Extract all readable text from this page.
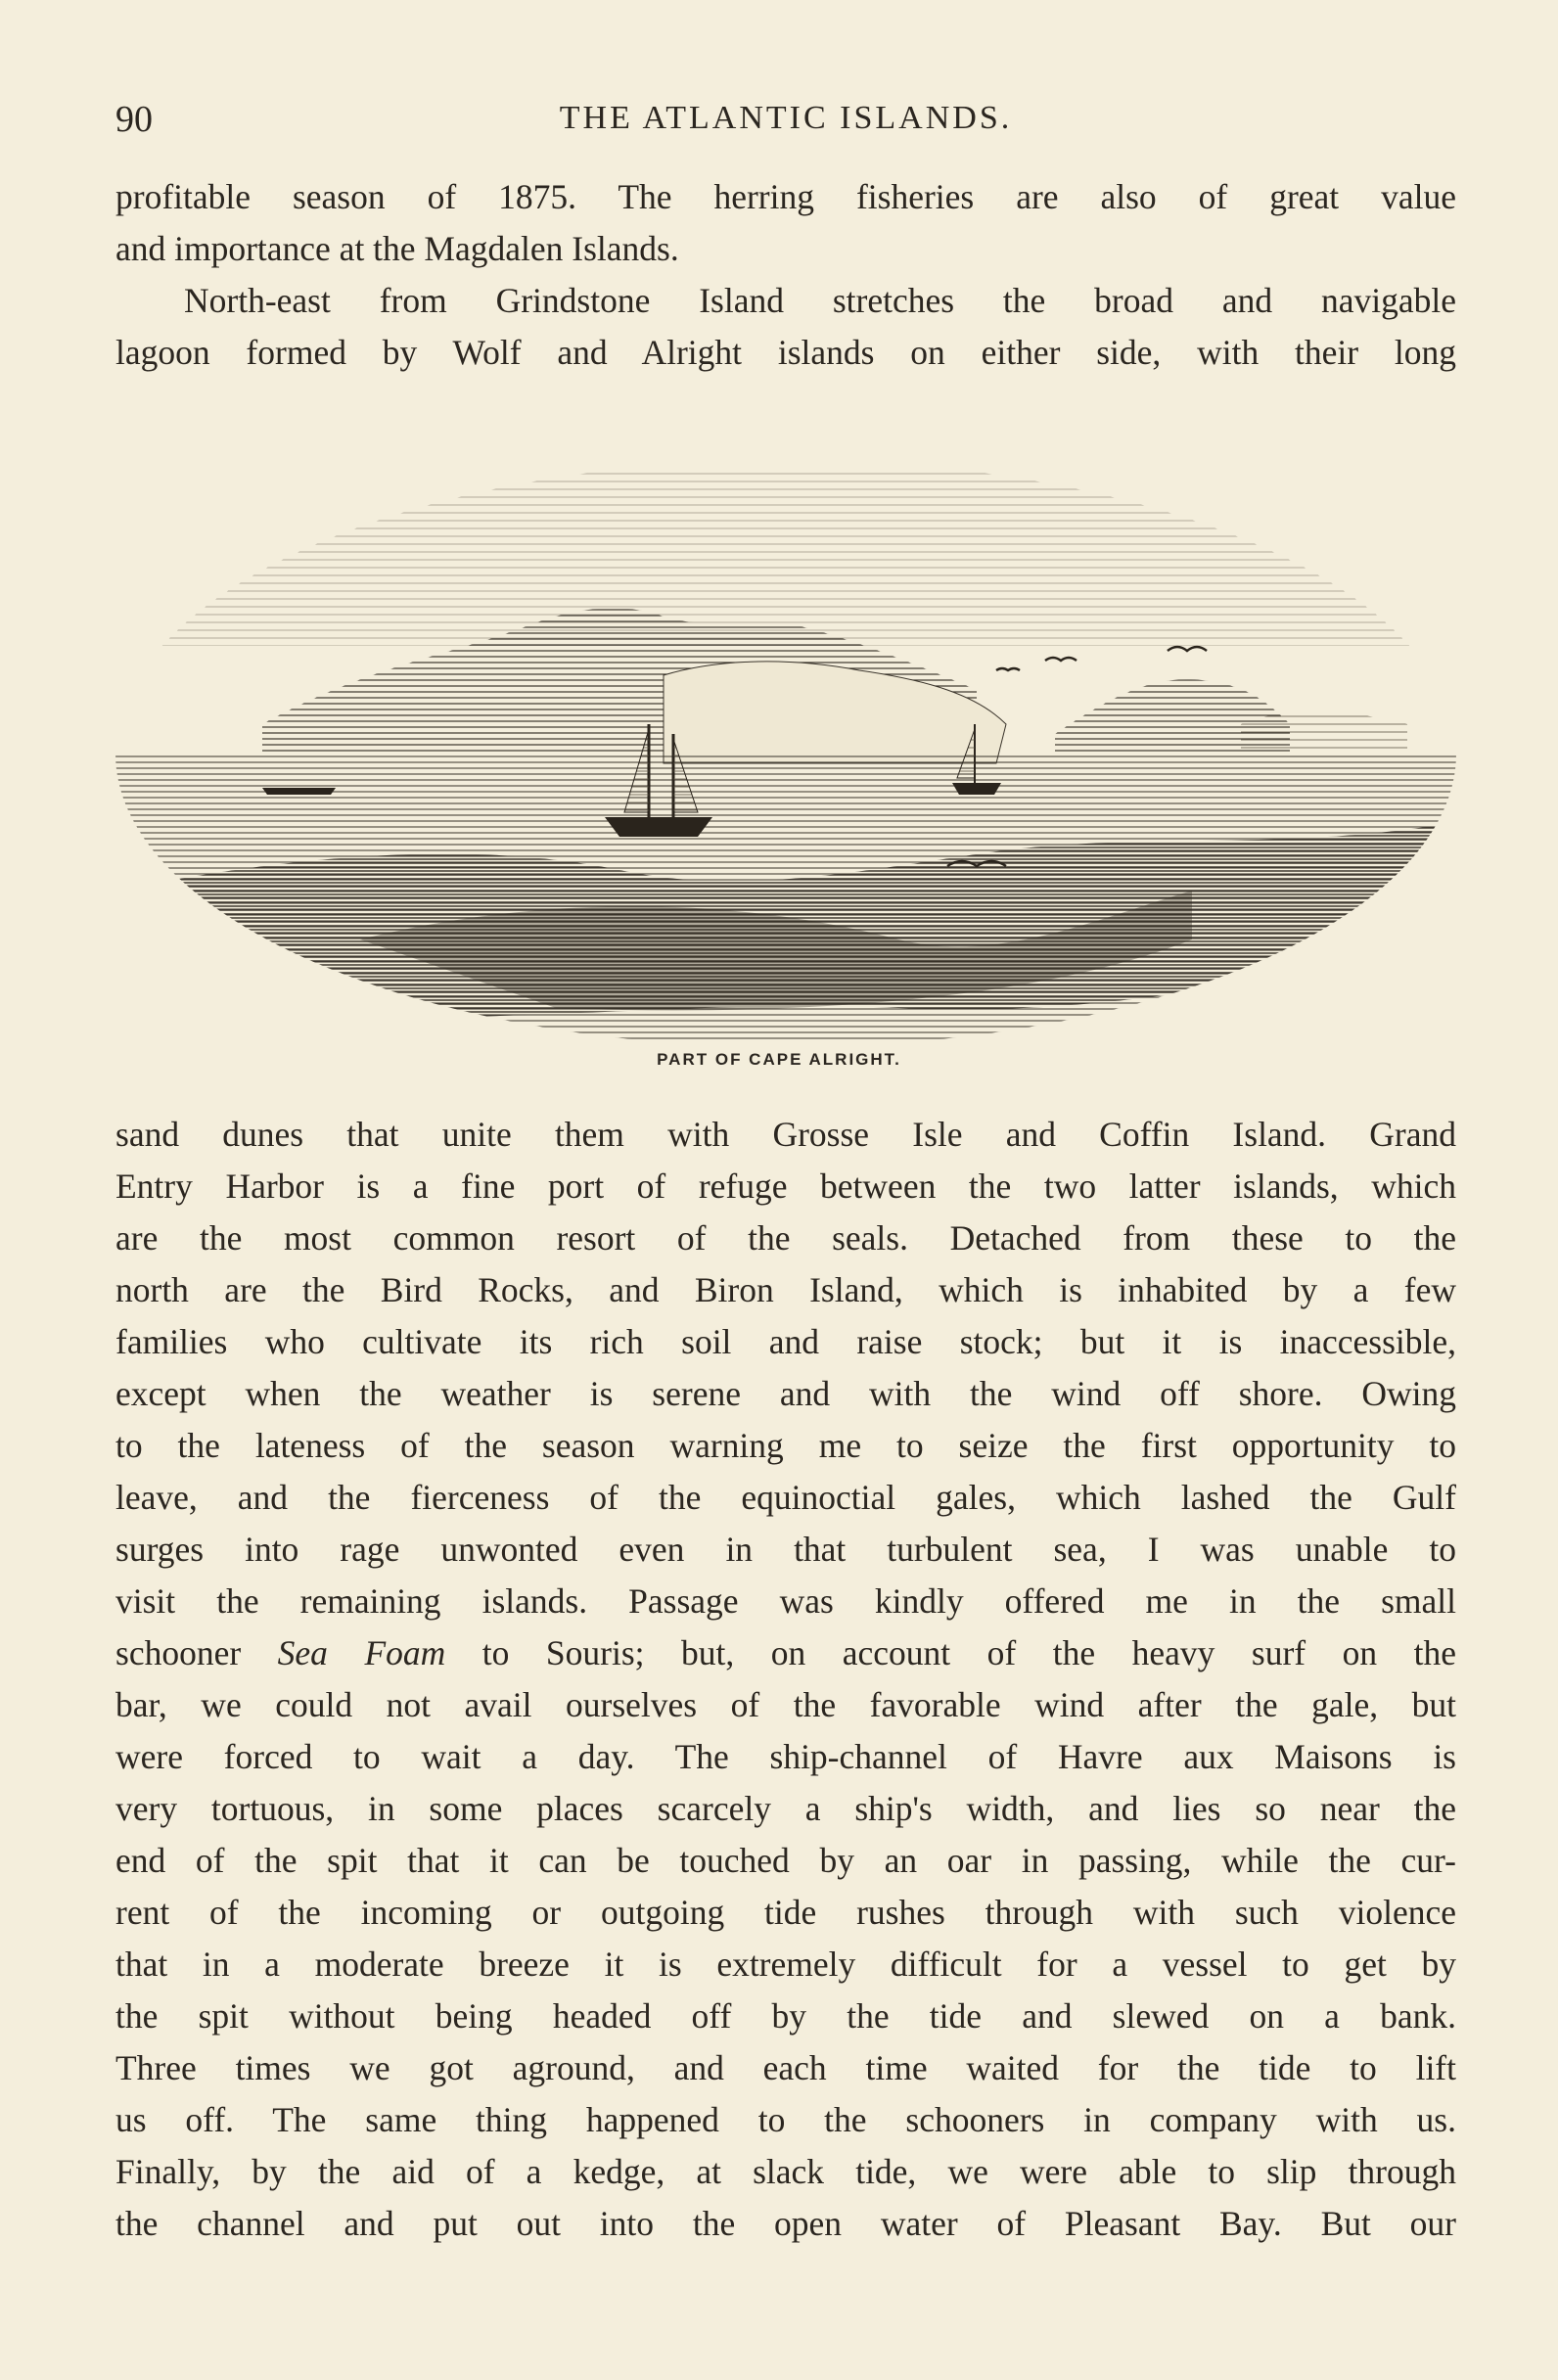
90	THE ATLANTIC ISLANDS.
profitable season of 1875. The herring fisheries are also of great value
and importance at the Magdalen Islands.
North-east from Grindstone Island stretches the broad and navigable
lagoon formed by Wolf and Alright islands on either side, with their long
PART OF CAPE ALRIGHT.
sand dunes that unite them with Grosse Isle and Coffin Island. Grand
Entry Harbor is a fine port of refuge between the two latter islands, which
are the most common resort of the seals. Detached from these to the
north are the Bird Rocks, and Biron Island, which is inhabited by a few
families who cultivate its rich soil and raise stock; but it is inaccessible,
except when the weather is serene and with the wind off shore. Owing
to the lateness of the season warning me to seize the first opportunity to
leave, and the fierceness of the equinoctial gales, which lashed the Gulf
surges into rage unwonted even in that turbulent sea, I was unable to
visit the remaining islands. Passage was kindly offered me in the small
schooner Sea Foam to Souris; but, on account of the heavy surf on the
bar, we could not avail ourselves of the favorable wind after the gale, but
were forced to wait a day. The ship-channel of Havre aux Maisons is
very tortuous, in some places scarcely a ship's width, and lies so near the
end of the spit that it can be touched by an oar in passing, while the cur-
rent of the incoming or outgoing tide rushes through with such violence
that in a moderate breeze it is extremely difficult for a vessel to get by
the spit without being headed off by the tide and slewed on a bank.
Three times we got aground, and each time waited for the tide to lift
us off. The same thing happened to the schooners in company with us.
Finally, by the aid of a kedge, at slack tide, we were able to slip through
the channel and put out into the open water of Pleasant Bay. But our
